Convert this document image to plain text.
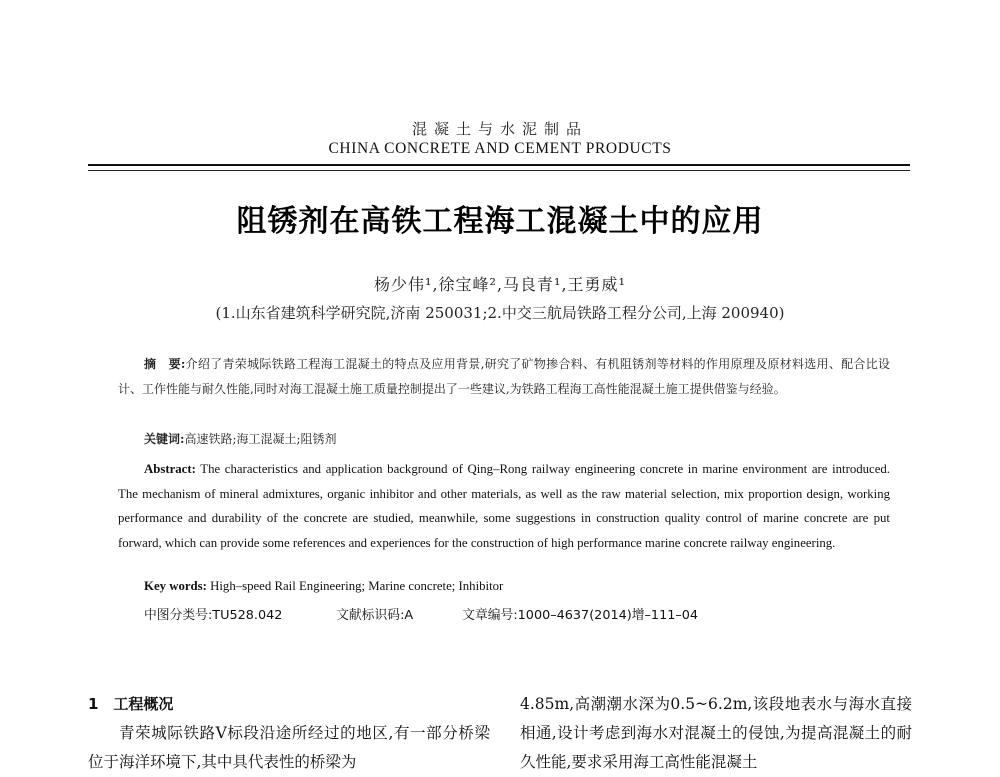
混凝土与水泥制品
CHINA CONCRETE AND CEMENT PRODUCTS
阻锈剂在高铁工程海工混凝土中的应用
杨少伟¹,徐宝峰²,马良青¹,王勇威¹
(1.山东省建筑科学研究院,济南 250031;2.中交三航局铁路工程分公司,上海 200940)
摘　要:介绍了青荣城际铁路工程海工混凝土的特点及应用背景,研究了矿物掺合料、有机阻锈剂等材料的作用原理及原材料选用、配合比设计、工作性能与耐久性能,同时对海工混凝土施工质量控制提出了一些建议,为铁路工程海工高性能混凝土施工提供借鉴与经验。
关键词:高速铁路;海工混凝土;阻锈剂
Abstract: The characteristics and application background of Qing–Rong railway engineering concrete in marine environment are introduced. The mechanism of mineral admixtures, organic inhibitor and other materials, as well as the raw material selection, mix proportion design, working performance and durability of the concrete are studied, meanwhile, some suggestions in construction quality control of marine concrete are put forward, which can provide some references and experiences for the construction of high performance marine concrete railway engineering.
Key words: High–speed Rail Engineering; Marine concrete; Inhibitor
中图分类号:TU528.042	文献标识码:A	文章编号:1000–4637(2014)增–111–04
1　工程概况
青荣城际铁路V标段沿途所经过的地区,有一部分桥梁位于海洋环境下,其中具代表性的桥梁为
4.85m,高潮潮水深为0.5~6.2m,该段地表水与海水直接相通,设计考虑到海水对混凝土的侵蚀,为提高混凝土的耐久性能,要求采用海工高性能混凝土
